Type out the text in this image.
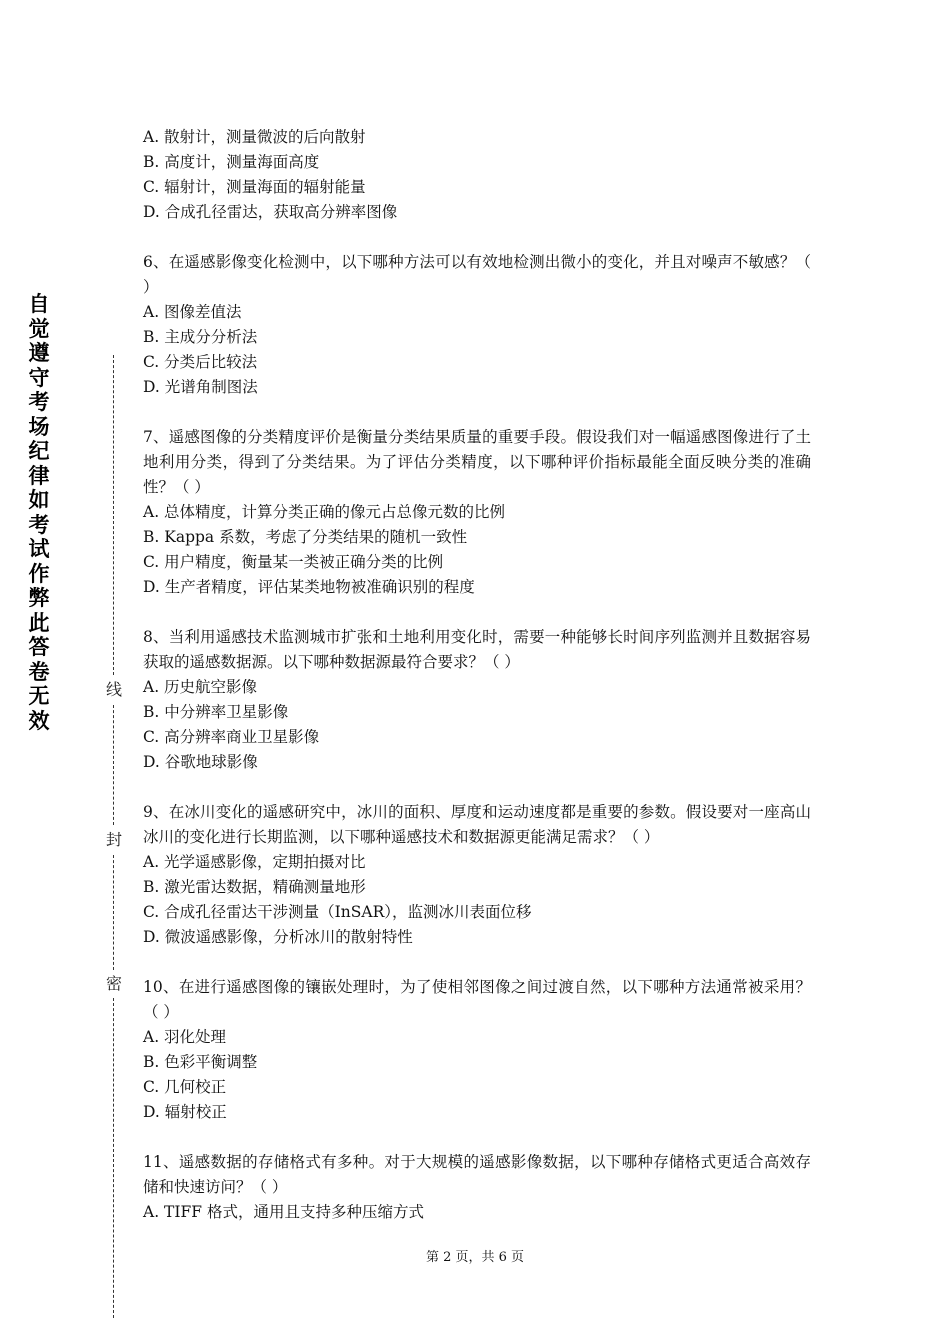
自觉遵守考场纪律如考试作弊此答卷无效
线
封
密
A. 散射计，测量微波的后向散射
B. 高度计，测量海面高度
C. 辐射计，测量海面的辐射能量
D. 合成孔径雷达，获取高分辨率图像
6、在遥感影像变化检测中，以下哪种方法可以有效地检测出微小的变化，并且对噪声不敏感？（ ）
A. 图像差值法
B. 主成分分析法
C. 分类后比较法
D. 光谱角制图法
7、遥感图像的分类精度评价是衡量分类结果质量的重要手段。假设我们对一幅遥感图像进行了土地利用分类，得到了分类结果。为了评估分类精度，以下哪种评价指标最能全面反映分类的准确性？（ ）
A. 总体精度，计算分类正确的像元占总像元数的比例
B. Kappa 系数，考虑了分类结果的随机一致性
C. 用户精度，衡量某一类被正确分类的比例
D. 生产者精度，评估某类地物被准确识别的程度
8、当利用遥感技术监测城市扩张和土地利用变化时，需要一种能够长时间序列监测并且数据容易获取的遥感数据源。以下哪种数据源最符合要求？（ ）
A. 历史航空影像
B. 中分辨率卫星影像
C. 高分辨率商业卫星影像
D. 谷歌地球影像
9、在冰川变化的遥感研究中，冰川的面积、厚度和运动速度都是重要的参数。假设要对一座高山冰川的变化进行长期监测，以下哪种遥感技术和数据源更能满足需求？（ ）
A. 光学遥感影像，定期拍摄对比
B. 激光雷达数据，精确测量地形
C. 合成孔径雷达干涉测量（InSAR），监测冰川表面位移
D. 微波遥感影像，分析冰川的散射特性
10、在进行遥感图像的镶嵌处理时，为了使相邻图像之间过渡自然，以下哪种方法通常被采用？（ ）
A. 羽化处理
B. 色彩平衡调整
C. 几何校正
D. 辐射校正
11、遥感数据的存储格式有多种。对于大规模的遥感影像数据，以下哪种存储格式更适合高效存储和快速访问？（ ）
A. TIFF 格式，通用且支持多种压缩方式
第 2 页，共 6 页
